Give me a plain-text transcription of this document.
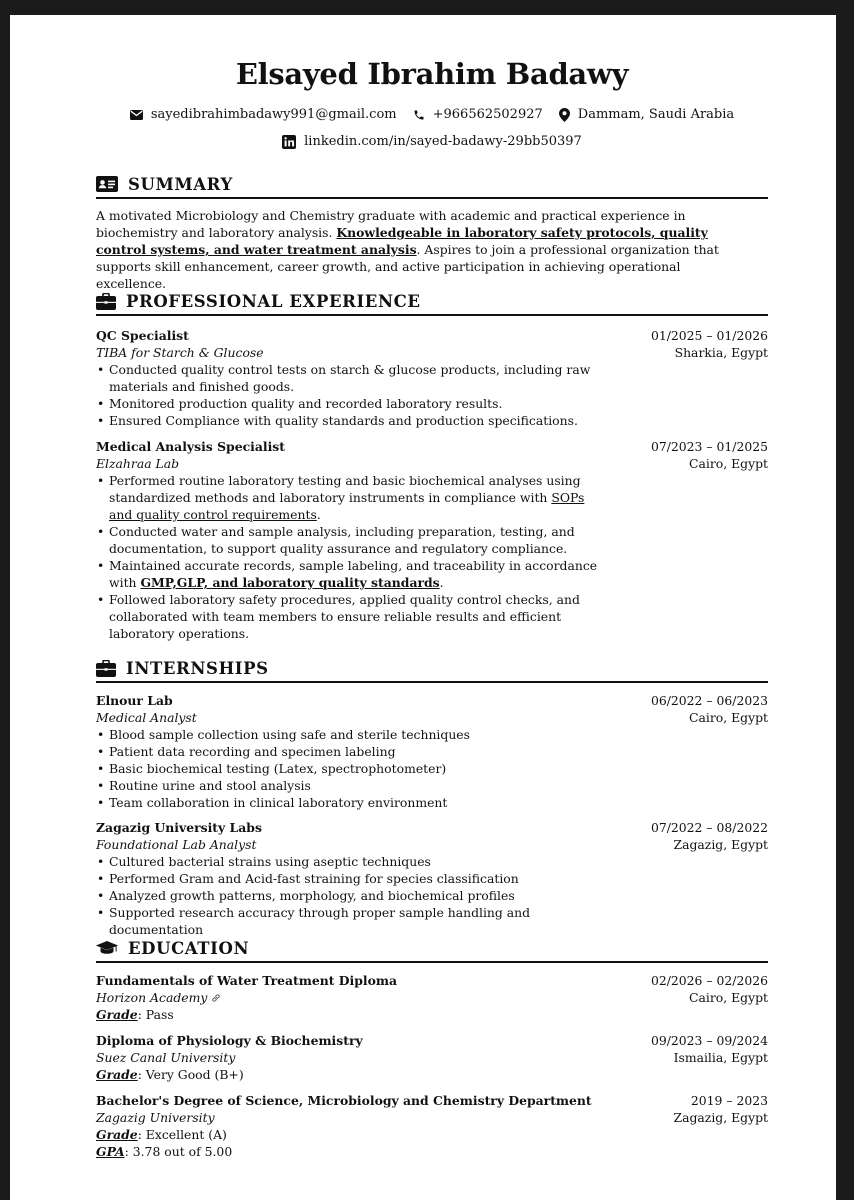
Elsayed Ibrahim Badawy
sayedibrahimbadawy991@gmail.com	+966562502927	Dammam, Saudi Arabia
linkedin.com/in/sayed-badawy-29bb50397
SUMMARY
A motivated Microbiology and Chemistry graduate with academic and practical experience in biochemistry and laboratory analysis. Knowledgeable in laboratory safety protocols, quality control systems, and water treatment analysis. Aspires to join a professional organization that supports skill enhancement, career growth, and active participation in achieving operational excellence.
PROFESSIONAL EXPERIENCE
QC Specialist
TIBA for Starch & Glucose
01/2025 – 01/2026
Sharkia, Egypt
• Conducted quality control tests on starch & glucose products, including raw materials and finished goods.
• Monitored production quality and recorded laboratory results.
• Ensured Compliance with quality standards and production specifications.
Medical Analysis Specialist
Elzahraa Lab
07/2023 – 01/2025
Cairo, Egypt
• Performed routine laboratory testing and basic biochemical analyses using standardized methods and laboratory instruments in compliance with SOPs and quality control requirements.
• Conducted water and sample analysis, including preparation, testing, and documentation, to support quality assurance and regulatory compliance.
• Maintained accurate records, sample labeling, and traceability in accordance with GMP,GLP, and laboratory quality standards.
• Followed laboratory safety procedures, applied quality control checks, and collaborated with team members to ensure reliable results and efficient laboratory operations.
INTERNSHIPS
Elnour Lab
Medical Analyst
06/2022 – 06/2023
Cairo, Egypt
• Blood sample collection using safe and sterile techniques
• Patient data recording and specimen labeling
• Basic biochemical testing (Latex, spectrophotometer)
• Routine urine and stool analysis
• Team collaboration in clinical laboratory environment
Zagazig University Labs
Foundational Lab Analyst
07/2022 – 08/2022
Zagazig, Egypt
• Cultured bacterial strains using aseptic techniques
• Performed Gram and Acid-fast straining for species classification
• Analyzed growth patterns, morphology, and biochemical profiles
• Supported research accuracy through proper sample handling and documentation
EDUCATION
Fundamentals of Water Treatment Diploma
Horizon Academy
Grade: Pass
02/2026 – 02/2026
Cairo, Egypt
Diploma of Physiology & Biochemistry
Suez Canal University
Grade: Very Good (B+)
09/2023 – 09/2024
Ismailia, Egypt
Bachelor's Degree of Science, Microbiology and Chemistry Department
Zagazig University
Grade: Excellent (A)
GPA: 3.78 out of 5.00
2019 – 2023
Zagazig, Egypt
